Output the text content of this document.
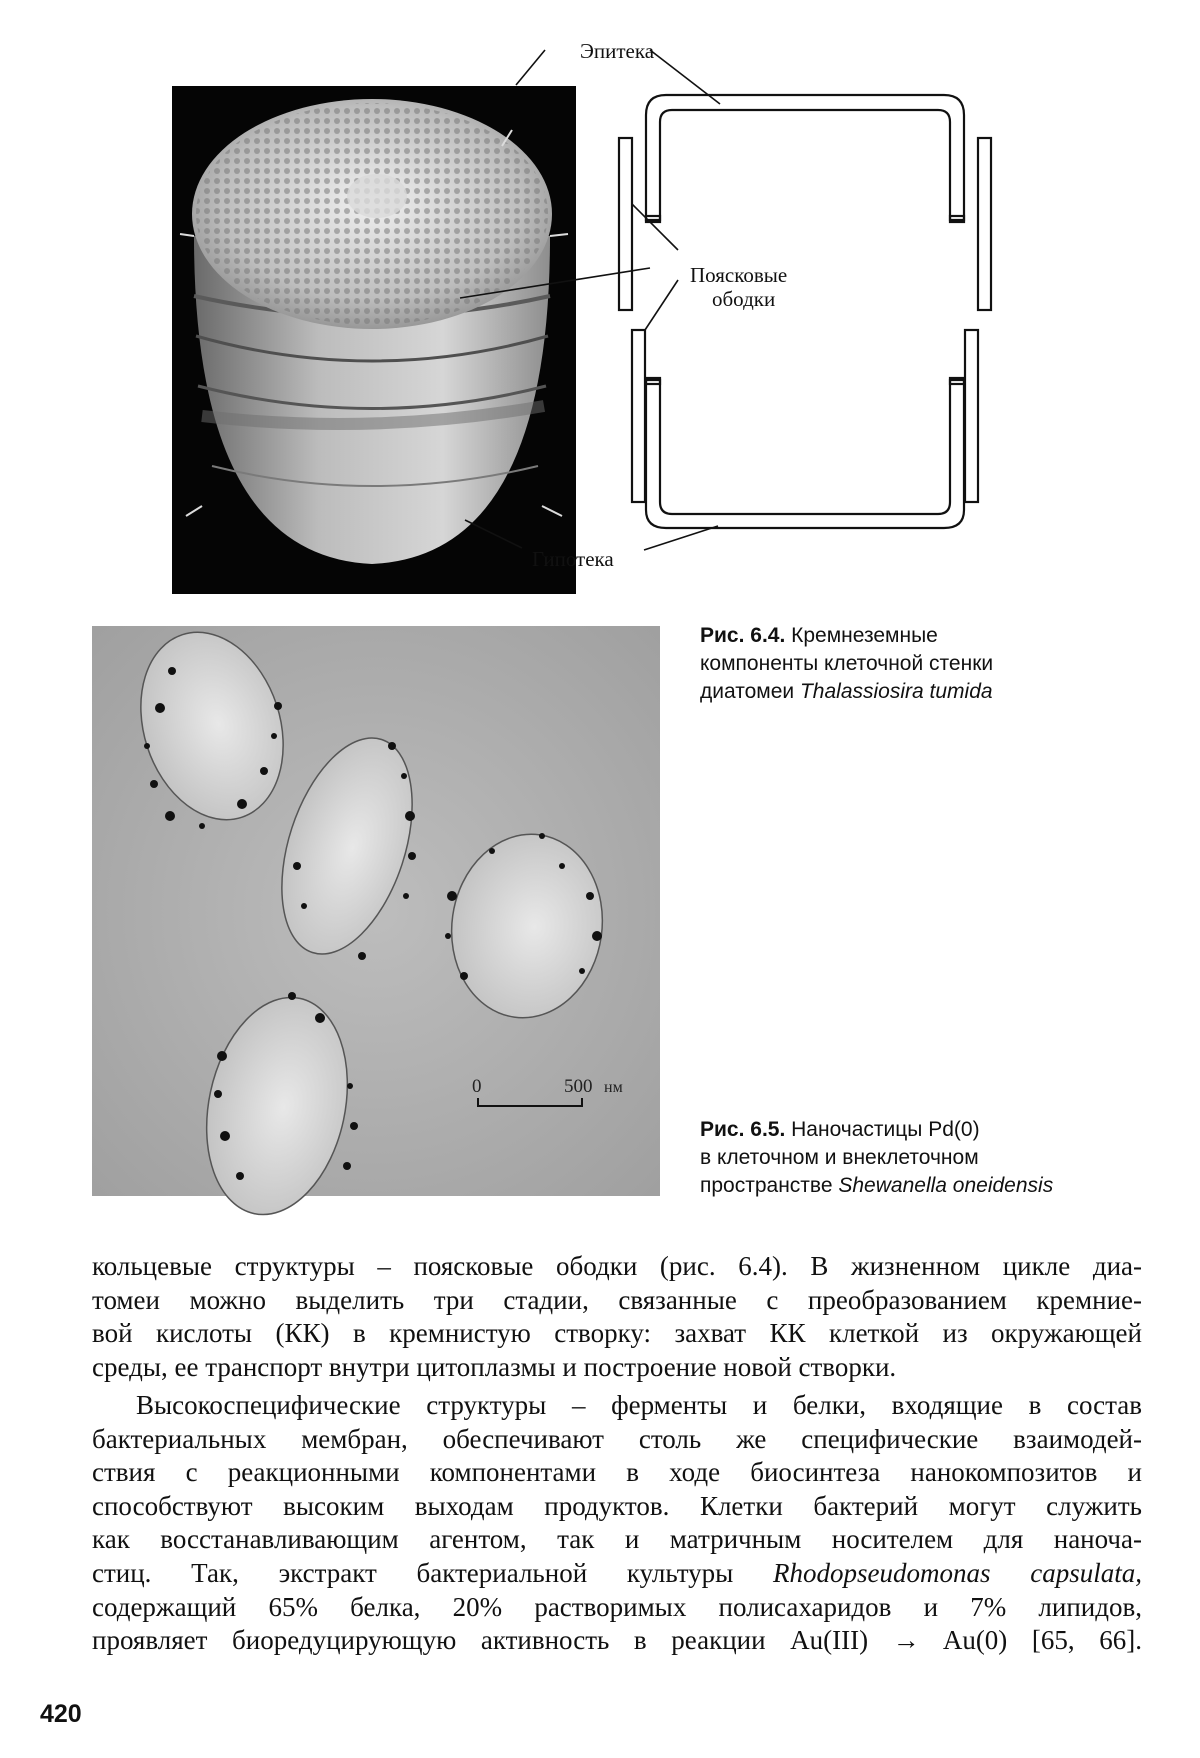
Эпитека
Поясковые
ободки
Гипотека
0	500 нм
Рис. 6.4. Кремнеземные
компоненты клеточной стенки
диатомеи Thalassiosira tumida
Рис. 6.5. Наночастицы Pd(0)
в клеточном и внеклеточном
пространстве Shewanella oneidensis
кольцевые структуры – поясковые ободки (рис. 6.4). В жизненном цикле диа-
томеи можно выделить три стадии, связанные с преобразованием кремние-
вой кислоты (КК) в кремнистую створку: захват КК клеткой из окружающей
среды, ее транспорт внутри цитоплазмы и построение новой створки.
Высокоспецифические структуры – ферменты и белки, входящие в состав
бактериальных мембран, обеспечивают столь же специфические взаимодей-
ствия с реакционными компонентами в ходе биосинтеза нанокомпозитов и
способствуют высоким выходам продуктов. Клетки бактерий могут служить
как восстанавливающим агентом, так и матричным носителем для наноча-
стиц. Так, экстракт бактериальной культуры Rhodopseudomonas capsulata,
содержащий 65% белка, 20% растворимых полисахаридов и 7% липидов,
проявляет биоредуцирующую активность в реакции Au(III) → Au(0) [65, 66].
420
